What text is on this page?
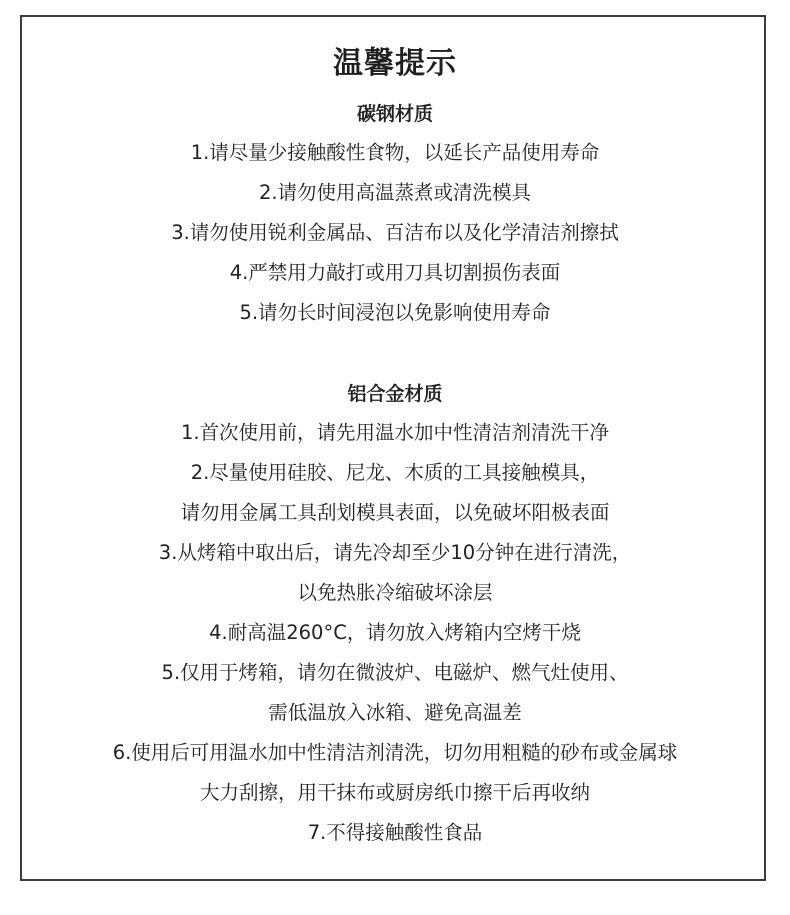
温馨提示
碳钢材质
1.请尽量少接触酸性食物，以延长产品使用寿命
2.请勿使用高温蒸煮或清洗模具
3.请勿使用锐利金属品、百洁布以及化学清洁剂擦拭
4.严禁用力敲打或用刀具切割损伤表面
5.请勿长时间浸泡以免影响使用寿命
铝合金材质
1.首次使用前，请先用温水加中性清洁剂清洗干净
2.尽量使用硅胶、尼龙、木质的工具接触模具，
请勿用金属工具刮划模具表面，以免破坏阳极表面
3.从烤箱中取出后，请先冷却至少10分钟在进行清洗，
以免热胀冷缩破坏涂层
4.耐高温260°C，请勿放入烤箱内空烤干烧
5.仅用于烤箱，请勿在微波炉、电磁炉、燃气灶使用、
需低温放入冰箱、避免高温差
6.使用后可用温水加中性清洁剂清洗，切勿用粗糙的砂布或金属球
大力刮擦，用干抹布或厨房纸巾擦干后再收纳
7.不得接触酸性食品
